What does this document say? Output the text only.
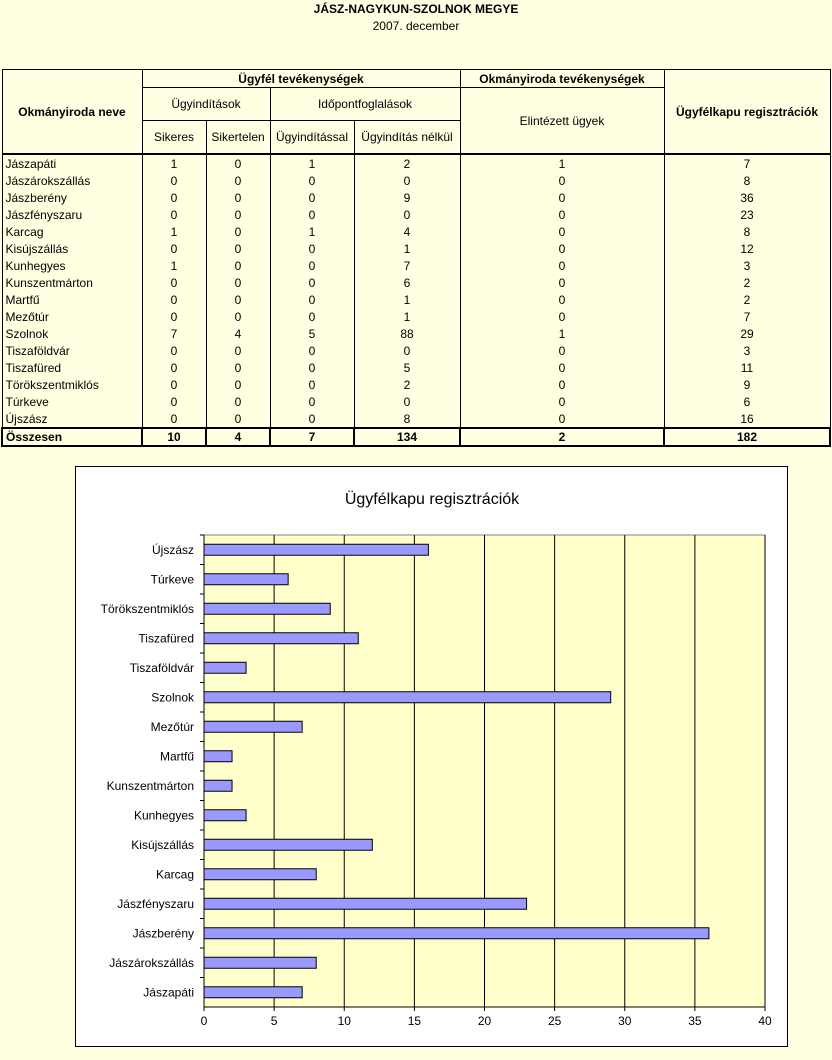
JÁSZ-NAGYKUN-SZOLNOK MEGYE
2007. december
Okmányiroda neve	Ügyfél tevékenységek				Okmányiroda tevékenységek	Ügyfélkapu regisztrációk
	Ügyindítások		Időpontfoglalások		Elintézett ügyek	
	Sikeres	Sikertelen	Ügyindítással	Ügyindítás nélkül		
Jászapáti	1	0	1	2	1	7
Jászárokszállás	0	0	0	0	0	8
Jászberény	0	0	0	9	0	36
Jászfényszaru	0	0	0	0	0	23
Karcag	1	0	1	4	0	8
Kisújszállás	0	0	0	1	0	12
Kunhegyes	1	0	0	7	0	3
Kunszentmárton	0	0	0	6	0	2
Martfű	0	0	0	1	0	2
Mezőtúr	0	0	0	1	0	7
Szolnok	7	4	5	88	1	29
Tiszaföldvár	0	0	0	0	0	3
Tiszafüred	0	0	0	5	0	11
Törökszentmiklós	0	0	0	2	0	9
Túrkeve	0	0	0	0	0	6
Újszász	0	0	0	8	0	16
Összesen	10	4	7	134	2	182
Ügyfélkapu regisztrációk
0	5	10	15	20	25	30	35	40
Újszász
Túrkeve
Törökszentmiklós
Tiszafüred
Tiszaföldvár
Szolnok
Mezőtúr
Martfű
Kunszentmárton
Kunhegyes
Kisújszállás
Karcag
Jászfényszaru
Jászberény
Jászárokszállás
Jászapáti
